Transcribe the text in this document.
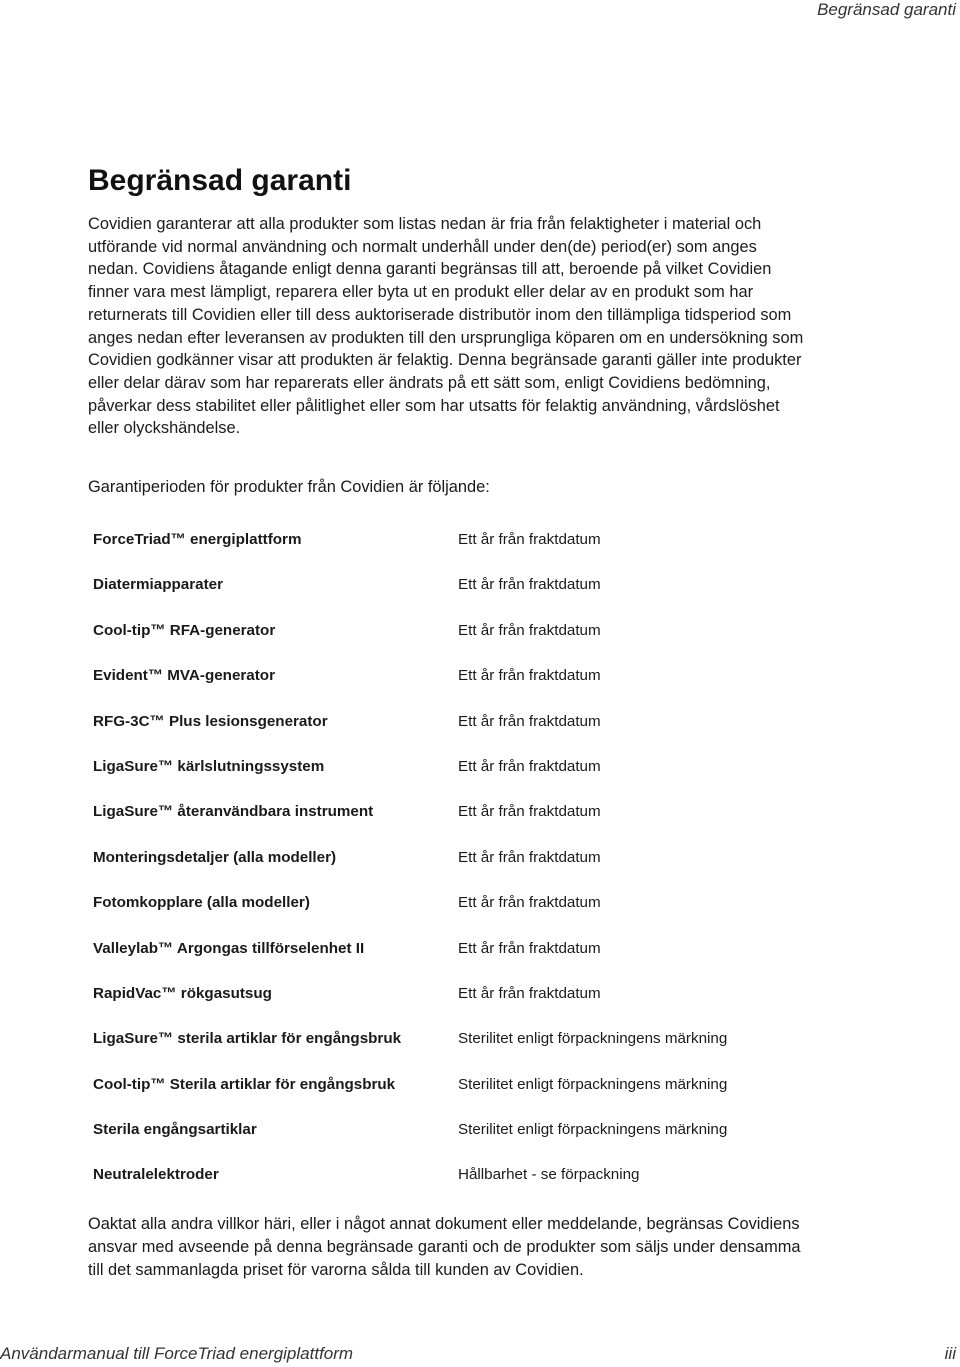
Begränsad garanti
Begränsad garanti

Covidien garanterar att alla produkter som listas nedan är fria från felaktigheter i material och utförande vid normal användning och normalt underhåll under den(de) period(er) som anges nedan. Covidiens åtagande enligt denna garanti begränsas till att, beroende på vilket Covidien finner vara mest lämpligt, reparera eller byta ut en produkt eller delar av en produkt som har returnerats till Covidien eller till dess auktoriserade distributör inom den tillämpliga tidsperiod som anges nedan efter leveransen av produkten till den ursprungliga köparen om en undersökning som Covidien godkänner visar att produkten är felaktig. Denna begränsade garanti gäller inte produkter eller delar därav som har reparerats eller ändrats på ett sätt som, enligt Covidiens bedömning, påverkar dess stabilitet eller pålitlighet eller som har utsatts för felaktig användning, vårdslöshet eller olyckshändelse.

Garantiperioden för produkter från Covidien är följande:

ForceTriad™ energiplattform	Ett år från fraktdatum
Diatermiapparater	Ett år från fraktdatum
Cool-tip™ RFA-generator	Ett år från fraktdatum
Evident™ MVA-generator	Ett år från fraktdatum
RFG-3C™ Plus lesionsgenerator	Ett år från fraktdatum
LigaSure™ kärlslutningssystem	Ett år från fraktdatum
LigaSure™ återanvändbara instrument	Ett år från fraktdatum
Monteringsdetaljer (alla modeller)	Ett år från fraktdatum
Fotomkopplare (alla modeller)	Ett år från fraktdatum
Valleylab™ Argongas tillförselenhet II	Ett år från fraktdatum
RapidVac™ rökgasutsug	Ett år från fraktdatum
LigaSure™ sterila artiklar för engångsbruk	Sterilitet enligt förpackningens märkning
Cool-tip™ Sterila artiklar för engångsbruk	Sterilitet enligt förpackningens märkning
Sterila engångsartiklar	Sterilitet enligt förpackningens märkning
Neutralelektroder	Hållbarhet - se förpackning

Oaktat alla andra villkor häri, eller i något annat dokument eller meddelande, begränsas Covidiens ansvar med avseende på denna begränsade garanti och de produkter som säljs under densamma till det sammanlagda priset för varorna sålda till kunden av Covidien.

Användarmanual till ForceTriad energiplattform	iii
